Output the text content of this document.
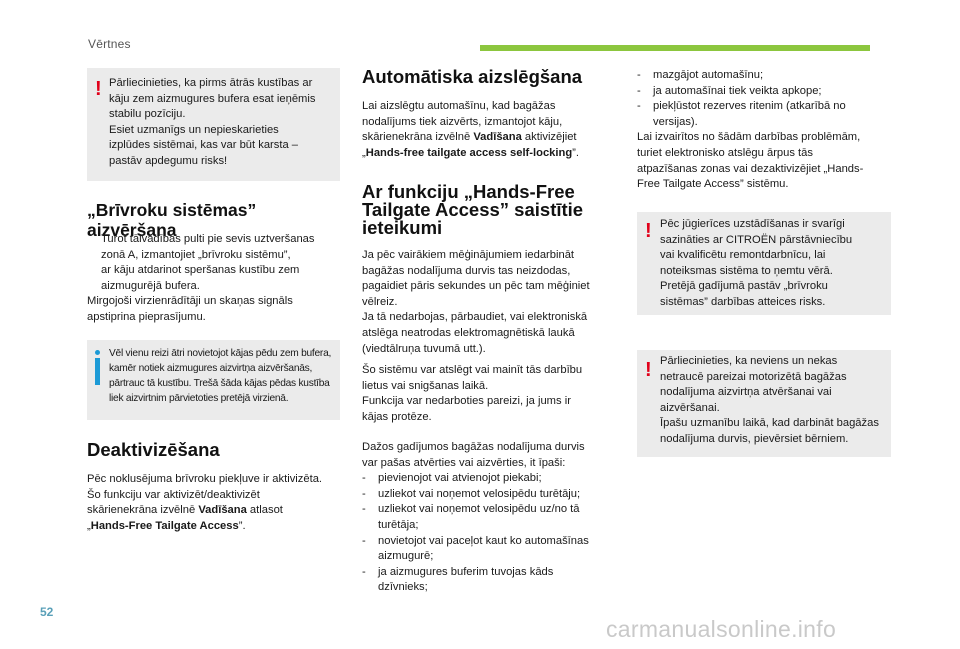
Vērtnes
! Pārliecinieties, ka pirms ātrās kustības ar
kāju zem aizmugures bufera esat ieņēmis
stabilu pozīciju.
Esiet uzmanīgs un nepieskarieties
izplūdes sistēmai, kas var būt karsta –
pastāv apdegumu risks!
„Brīvroku sistēmas” aizvēršana
Turot tālvadības pulti pie sevis uztveršanas
zonā A, izmantojiet „brīvroku sistēmu”,
ar kāju atdarinot speršanas kustību zem
aizmugurējā bufera.
Mirgojoši virzienrādītāji un skaņas signāls
apstiprina pieprasījumu.
Vēl vienu reizi ātri novietojot kājas pēdu zem bufera,
kamēr notiek aizmugures aizvirtņa aizvēršanās,
pārtrauc tā kustību. Trešā šāda kājas pēdas kustība
liek aizvirtnim pārvietoties pretējā virzienā.
Deaktivizēšana
Pēc noklusējuma brīvroku piekļuve ir aktivizēta.
Šo funkciju var aktivizēt/deaktivizēt
skārienekrāna izvēlnē Vadīšana atlasot
„Hands-Free Tailgate Access”.
Automātiska aizslēgšana
Lai aizslēgtu automašīnu, kad bagāžas
nodalījums tiek aizvērts, izmantojot kāju,
skārienekrāna izvēlnē Vadīšana aktivizējiet
„Hands-free tailgate access self-locking”.
Ar funkciju „Hands-Free
Tailgate Access” saistītie
ieteikumi
Ja pēc vairākiem mēģinājumiem iedarbināt
bagāžas nodalījuma durvis tas neizdodas,
pagaidiet pāris sekundes un pēc tam mēģiniet
vēlreiz.
Ja tā nedarbojas, pārbaudiet, vai elektroniskā
atslēga neatrodas elektromagnētiskā laukā
(viedtālruņa tuvumā utt.).
Šo sistēmu var atslēgt vai mainīt tās darbību
lietus vai snigšanas laikā.
Funkcija var nedarboties pareizi, ja jums ir
kājas protēze.
Dažos gadījumos bagāžas nodalījuma durvis
var pašas atvērties vai aizvērties, it īpaši:
-	pievienojot vai atvienojot piekabi;
-	uzliekot vai noņemot velosipēdu turētāju;
-	uzliekot vai noņemot velosipēdu uz/no tā
turētāja;
-	novietojot vai paceļot kaut ko automašīnas
aizmugurē;
-	ja aizmugures buferim tuvojas kāds
dzīvnieks;
-	mazgājot automašīnu;
-	ja automašīnai tiek veikta apkope;
-	piekļūstot rezerves ritenim (atkarībā no
versijas).
Lai izvairītos no šādām darbības problēmām,
turiet elektronisko atslēgu ārpus tās
atpazīšanas zonas vai dezaktivizējiet „Hands-
Free Tailgate Access” sistēmu.
! Pēc jūgierīces uzstādīšanas ir svarīgi
sazināties ar CITROËN pārstāvniecību
vai kvalificētu remontdarbnīcu, lai
noteiksmas sistēma to ņemtu vērā.
Pretējā gadījumā pastāv „brīvroku
sistēmas” darbības atteices risks.
! Pārliecinieties, ka neviens un nekas
netraucē pareizai motorizētā bagāžas
nodalījuma aizvirtņa atvēršanai vai
aizvēršanai.
Īpašu uzmanību laikā, kad darbināt bagāžas
nodalījuma durvis, pievērsiet bērniem.
52
carmanualsonline.info
